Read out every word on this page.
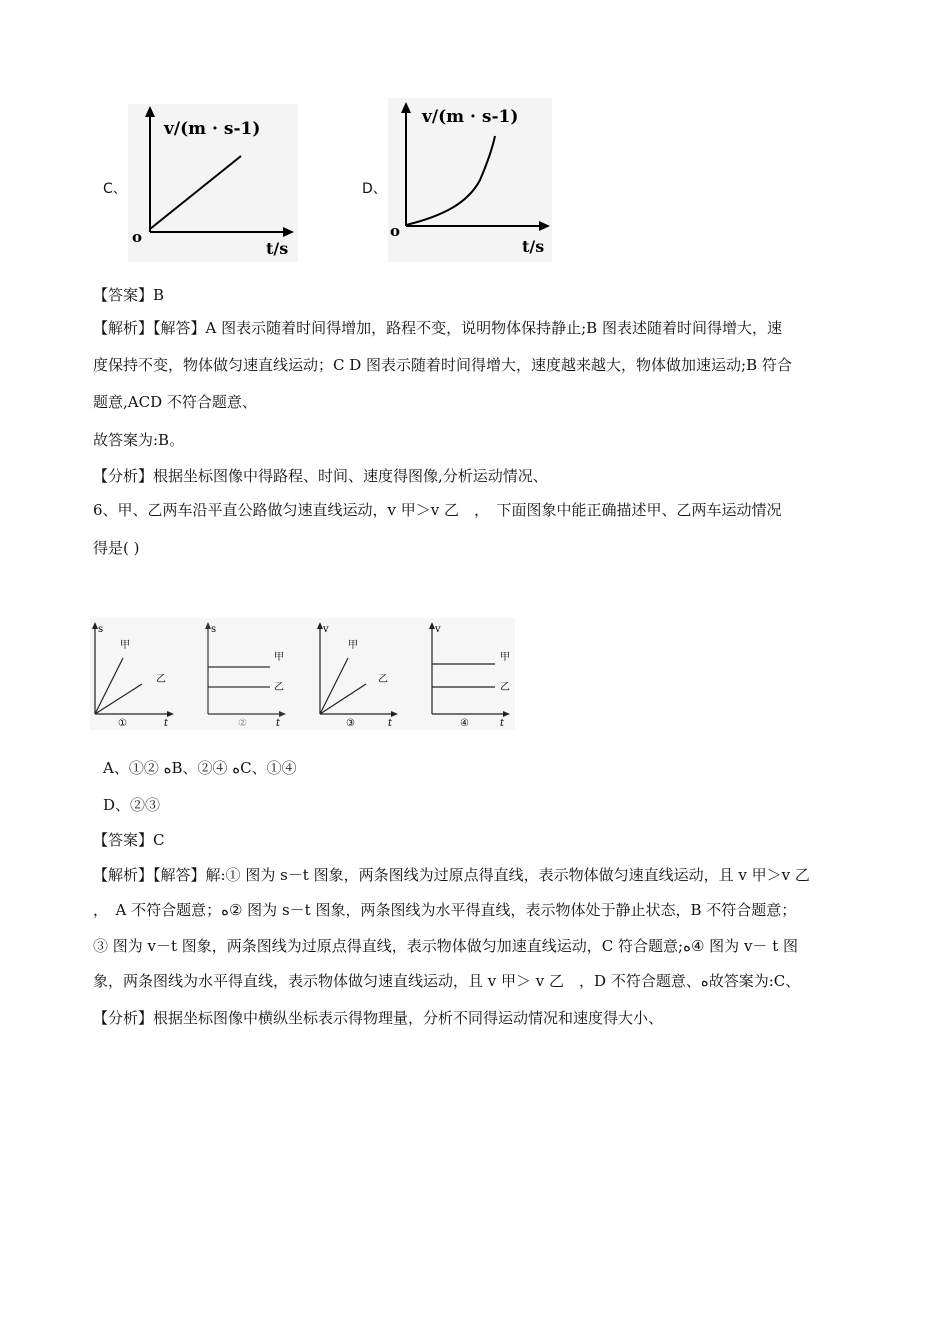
C、
v/(m · s-1)
t/s
o
D、
v/(m · s-1)
t/s
o
【答案】B
【解析】【解答】A 图表示随着时间得增加，路程不变，说明物体保持静止;B 图表述随着时间得增大，速
度保持不变，物体做匀速直线运动；C D 图表示随着时间得增大，速度越来越大，物体做加速运动;B 符合
题意,ACD 不符合题意、
故答案为:B。
【分析】根据坐标图像中得路程、时间、速度得图像,分析运动情况、
6、甲、乙两车沿平直公路做匀速直线运动，v 甲＞v 乙　，　下面图象中能正确描述甲、乙两车运动情况
得是( )
s
t
①
甲
乙
s
t
②
甲
乙
v
t
③
甲
乙
v
t
④
甲
乙
A、①② ﻩB、②④ ﻩC、①④
D、②③
【答案】C
【解析】【解答】解:① 图为 s－t 图象，两条图线为过原点得直线，表示物体做匀速直线运动，且 v 甲＞v 乙
，　A 不符合题意；ﻩ② 图为 s－t 图象，两条图线为水平得直线，表示物体处于静止状态，B 不符合题意；
③ 图为 v－t 图象，两条图线为过原点得直线，表示物体做匀加速直线运动，C 符合题意;ﻩ④ 图为 v－ t 图
象，两条图线为水平得直线，表示物体做匀速直线运动，且 v 甲＞ v 乙　，D 不符合题意、ﻩ故答案为:C、
【分析】根据坐标图像中横纵坐标表示得物理量，分析不同得运动情况和速度得大小、
